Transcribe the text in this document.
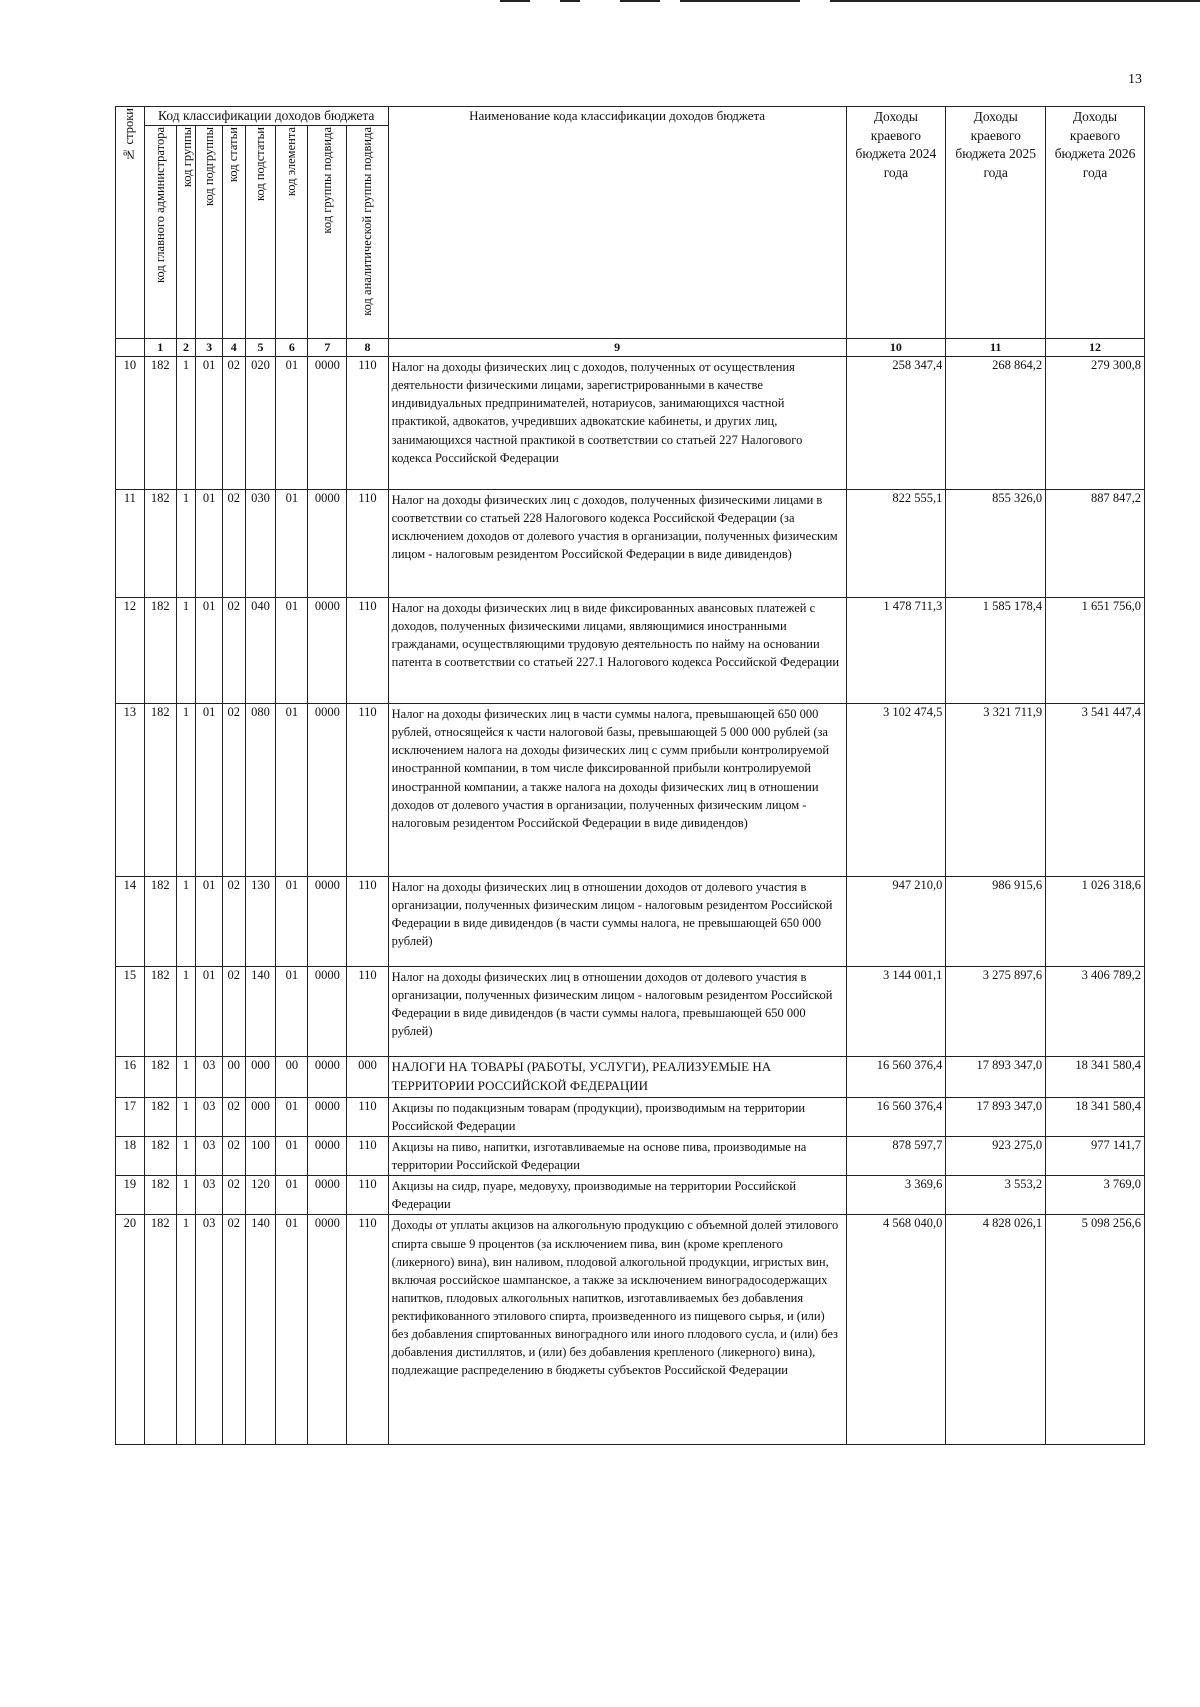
13
№ строки	Код классификации доходов бюджета								Наименование кода классификации доходов бюджета	Доходы краевого бюджета 2024 года	Доходы краевого бюджета 2025 года	Доходы краевого бюджета 2026 года

	код главного администратора	код группы	код подгруппы	код статьи	код подстатьи	код элемента	код группы подвида	код аналитической группы подвида				

	1	2	3	4	5	6	7	8	9	10	11	12
10	182	1	01	02	020	01	0000	110	Налог на доходы физических лиц с доходов, полученных от осуществления деятельности физическими лицами, зарегистрированными в качестве индивидуальных предпринимателей, нотариусов, занимающихся частной практикой, адвокатов, учредивших адвокатские кабинеты, и других лиц, занимающихся частной практикой в соответствии со статьей 227 Налогового кодекса Российской Федерации	258 347,4	268 864,2	279 300,8
11	182	1	01	02	030	01	0000	110	Налог на доходы физических лиц с доходов, полученных физическими лицами в соответствии со статьей 228 Налогового кодекса Российской Федерации (за исключением доходов от долевого участия в организации, полученных физическим лицом - налоговым резидентом Российской Федерации в виде дивидендов)	822 555,1	855 326,0	887 847,2
12	182	1	01	02	040	01	0000	110	Налог на доходы физических лиц в виде фиксированных авансовых платежей с доходов, полученных физическими лицами, являющимися иностранными гражданами, осуществляющими трудовую деятельность по найму на основании патента в соответствии со статьей 227.1 Налогового кодекса Российской Федерации	1 478 711,3	1 585 178,4	1 651 756,0
13	182	1	01	02	080	01	0000	110	Налог на доходы физических лиц в части суммы налога, превышающей 650 000 рублей, относящейся к части налоговой базы, превышающей 5 000 000 рублей (за исключением налога на доходы физических лиц с сумм прибыли контролируемой иностранной компании, в том числе фиксированной прибыли контролируемой иностранной компании, а также налога на доходы физических лиц в отношении доходов от долевого участия в организации, полученных физическим лицом - налоговым резидентом Российской Федерации в виде дивидендов)	3 102 474,5	3 321 711,9	3 541 447,4
14	182	1	01	02	130	01	0000	110	Налог на доходы физических лиц в отношении доходов от долевого участия в организации, полученных физическим лицом - налоговым резидентом Российской Федерации в виде дивидендов (в части суммы налога, не превышающей 650 000 рублей)	947 210,0	986 915,6	1 026 318,6
15	182	1	01	02	140	01	0000	110	Налог на доходы физических лиц в отношении доходов от долевого участия в организации, полученных физическим лицом - налоговым резидентом Российской Федерации в виде дивидендов (в части суммы налога, превышающей 650 000 рублей)	3 144 001,1	3 275 897,6	3 406 789,2
16	182	1	03	00	000	00	0000	000	НАЛОГИ НА ТОВАРЫ (РАБОТЫ, УСЛУГИ), РЕАЛИЗУЕМЫЕ НА ТЕРРИТОРИИ РОССИЙСКОЙ ФЕДЕРАЦИИ	16 560 376,4	17 893 347,0	18 341 580,4
17	182	1	03	02	000	01	0000	110	Акцизы по подакцизным товарам (продукции), производимым на территории Российской Федерации	16 560 376,4	17 893 347,0	18 341 580,4
18	182	1	03	02	100	01	0000	110	Акцизы на пиво, напитки, изготавливаемые на основе пива, производимые на территории Российской Федерации	878 597,7	923 275,0	977 141,7
19	182	1	03	02	120	01	0000	110	Акцизы на сидр, пуаре, медовуху, производимые на территории Российской Федерации	3 369,6	3 553,2	3 769,0
20	182	1	03	02	140	01	0000	110	Доходы от уплаты акцизов на алкогольную продукцию с объемной долей этилового спирта свыше 9 процентов (за исключением пива, вин (кроме крепленого (ликерного) вина), вин наливом, плодовой алкогольной продукции, игристых вин, включая российское шампанское, а также за исключением виноградосодержащих напитков, плодовых алкогольных напитков, изготавливаемых без добавления ректификованного этилового спирта, произведенного из пищевого сырья, и (или) без добавления спиртованных виноградного или иного плодового сусла, и (или) без добавления дистиллятов, и (или) без добавления крепленого (ликерного) вина), подлежащие распределению в бюджеты субъектов Российской Федерации	4 568 040,0	4 828 026,1	5 098 256,6
